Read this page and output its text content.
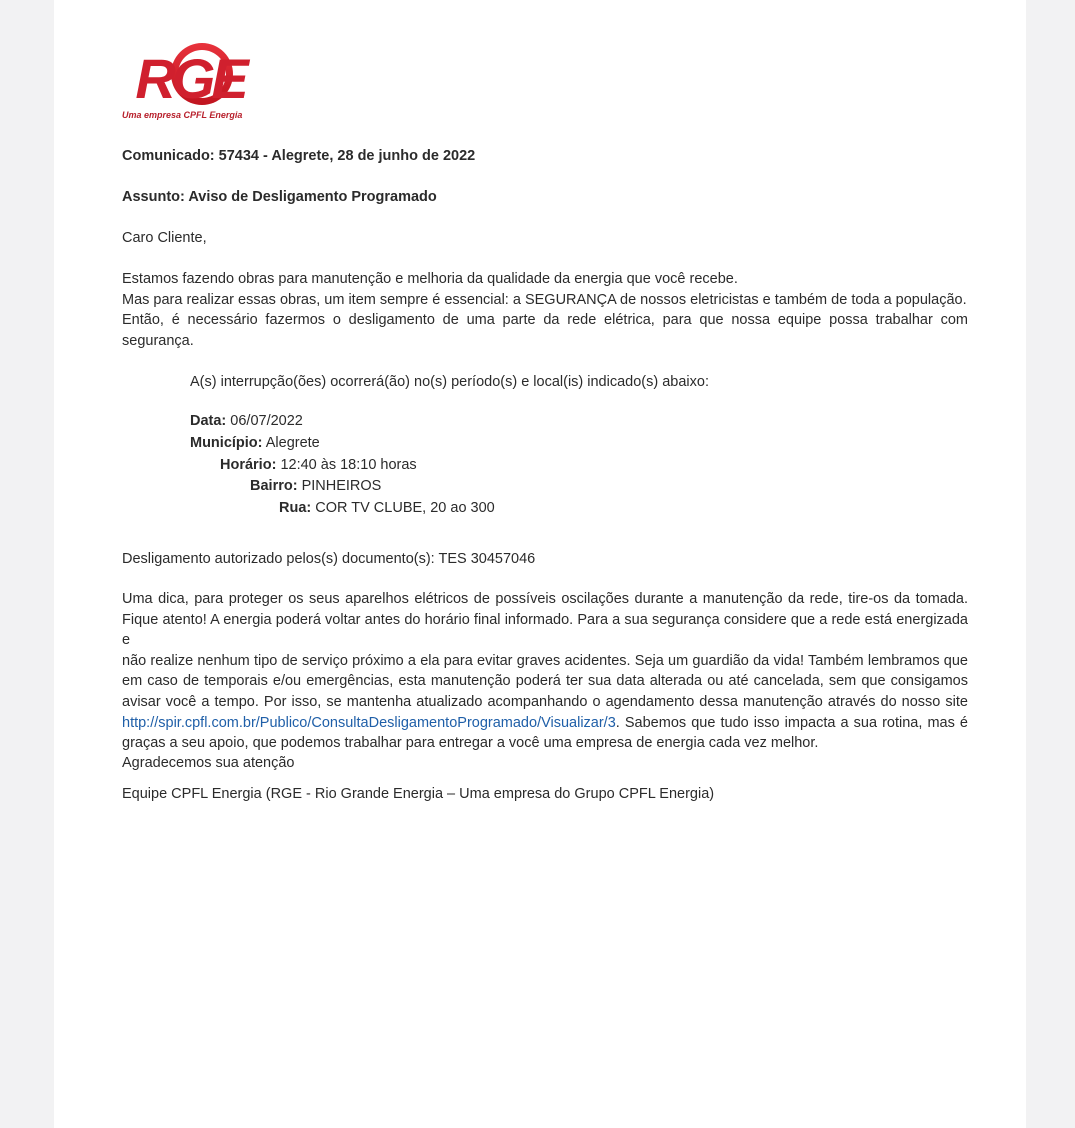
RGE
Uma empresa CPFL Energia
Comunicado: 57434 - Alegrete, 28 de junho de 2022
Assunto: Aviso de Desligamento Programado
Caro Cliente,
Estamos fazendo obras para manutenção e melhoria da qualidade da energia que você recebe.
Mas para realizar essas obras, um item sempre é essencial: a SEGURANÇA de nossos eletricistas e também de toda a população.
Então, é necessário fazermos o desligamento de uma parte da rede elétrica, para que nossa equipe possa trabalhar com
segurança.
A(s) interrupção(ões) ocorrerá(ão) no(s) período(s) e local(is) indicado(s) abaixo:
Data: 06/07/2022
Município: Alegrete
Horário: 12:40 às 18:10 horas
Bairro: PINHEIROS
Rua: COR TV CLUBE, 20 ao 300
Desligamento autorizado pelos(s) documento(s): TES 30457046
Uma dica, para proteger os seus aparelhos elétricos de possíveis oscilações durante a manutenção da rede, tire-os da tomada.
Fique atento! A energia poderá voltar antes do horário final informado. Para a sua segurança considere que a rede está energizada e
não realize nenhum tipo de serviço próximo a ela para evitar graves acidentes. Seja um guardião da vida! Também lembramos que
em caso de temporais e/ou emergências, esta manutenção poderá ter sua data alterada ou até cancelada, sem que consigamos
avisar você a tempo. Por isso, se mantenha atualizado acompanhando o agendamento dessa manutenção através do nosso site
http://spir.cpfl.com.br/Publico/ConsultaDesligamentoProgramado/Visualizar/3. Sabemos que tudo isso impacta a sua rotina, mas é
graças a seu apoio, que podemos trabalhar para entregar a você uma empresa de energia cada vez melhor.
Agradecemos sua atenção
Equipe CPFL Energia (RGE - Rio Grande Energia – Uma empresa do Grupo CPFL Energia)
